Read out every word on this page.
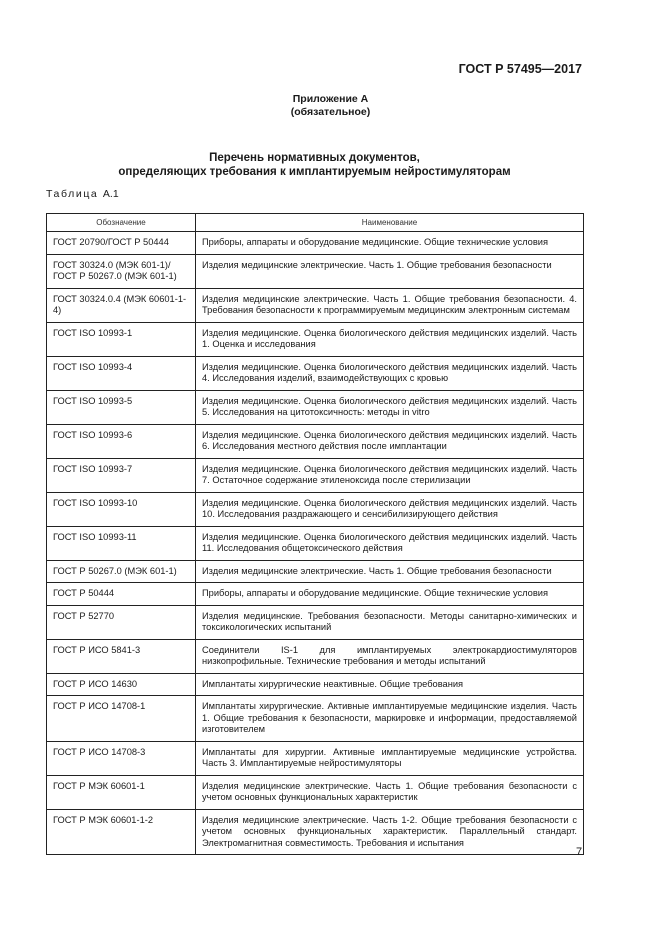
ГОСТ Р 57495—2017
Приложение А
(обязательное)
Перечень нормативных документов,
определяющих требования к имплантируемым нейростимуляторам
Таблица А.1
Обозначение	Наименование
ГОСТ 20790/ГОСТ Р 50444	Приборы, аппараты и оборудование медицинские. Общие технические условия
ГОСТ 30324.0 (МЭК 601-1)/ ГОСТ Р 50267.0 (МЭК 601-1)	Изделия медицинские электрические. Часть 1. Общие требования безопасности
ГОСТ 30324.0.4 (МЭК 60601-1-4)	Изделия медицинские электрические. Часть 1. Общие требования безопасности. 4. Требования безопасности к программируемым медицинским электронным системам
ГОСТ ISO 10993-1	Изделия медицинские. Оценка биологического действия медицинских изделий. Часть 1. Оценка и исследования
ГОСТ ISO 10993-4	Изделия медицинские. Оценка биологического действия медицинских изделий. Часть 4. Исследования изделий, взаимодействующих с кровью
ГОСТ ISO 10993-5	Изделия медицинские. Оценка биологического действия медицинских изделий. Часть 5. Исследования на цитотоксичность: методы in vitro
ГОСТ ISO 10993-6	Изделия медицинские. Оценка биологического действия медицинских изделий. Часть 6. Исследования местного действия после имплантации
ГОСТ ISO 10993-7	Изделия медицинские. Оценка биологического действия медицинских изделий. Часть 7. Остаточное содержание этиленоксида после стерилизации
ГОСТ ISO 10993-10	Изделия медицинские. Оценка биологического действия медицинских изделий. Часть 10. Исследования раздражающего и сенсибилизирующего действия
ГОСТ ISO 10993-11	Изделия медицинские. Оценка биологического действия медицинских изделий. Часть 11. Исследования общетоксического действия
ГОСТ Р 50267.0 (МЭК 601-1)	Изделия медицинские электрические. Часть 1. Общие требования безопасности
ГОСТ Р 50444	Приборы, аппараты и оборудование медицинские. Общие технические условия
ГОСТ Р 52770	Изделия медицинские. Требования безопасности. Методы санитарно-химических и токсикологических испытаний
ГОСТ Р ИСО 5841-3	Соединители IS-1 для имплантируемых электрокардиостимуляторов низкопрофильные. Технические требования и методы испытаний
ГОСТ Р ИСО 14630	Имплантаты хирургические неактивные. Общие требования
ГОСТ Р ИСО 14708-1	Имплантаты хирургические. Активные имплантируемые медицинские изделия. Часть 1. Общие требования к безопасности, маркировке и информации, предоставляемой изготовителем
ГОСТ Р ИСО 14708-3	Имплантаты для хирургии. Активные имплантируемые медицинские устройства. Часть 3. Имплантируемые нейростимуляторы
ГОСТ Р МЭК 60601-1	Изделия медицинские электрические. Часть 1. Общие требования безопасности с учетом основных функциональных характеристик
ГОСТ Р МЭК 60601-1-2	Изделия медицинские электрические. Часть 1-2. Общие требования безопасности с учетом основных функциональных характеристик. Параллельный стандарт. Электромагнитная совместимость. Требования и испытания
7
